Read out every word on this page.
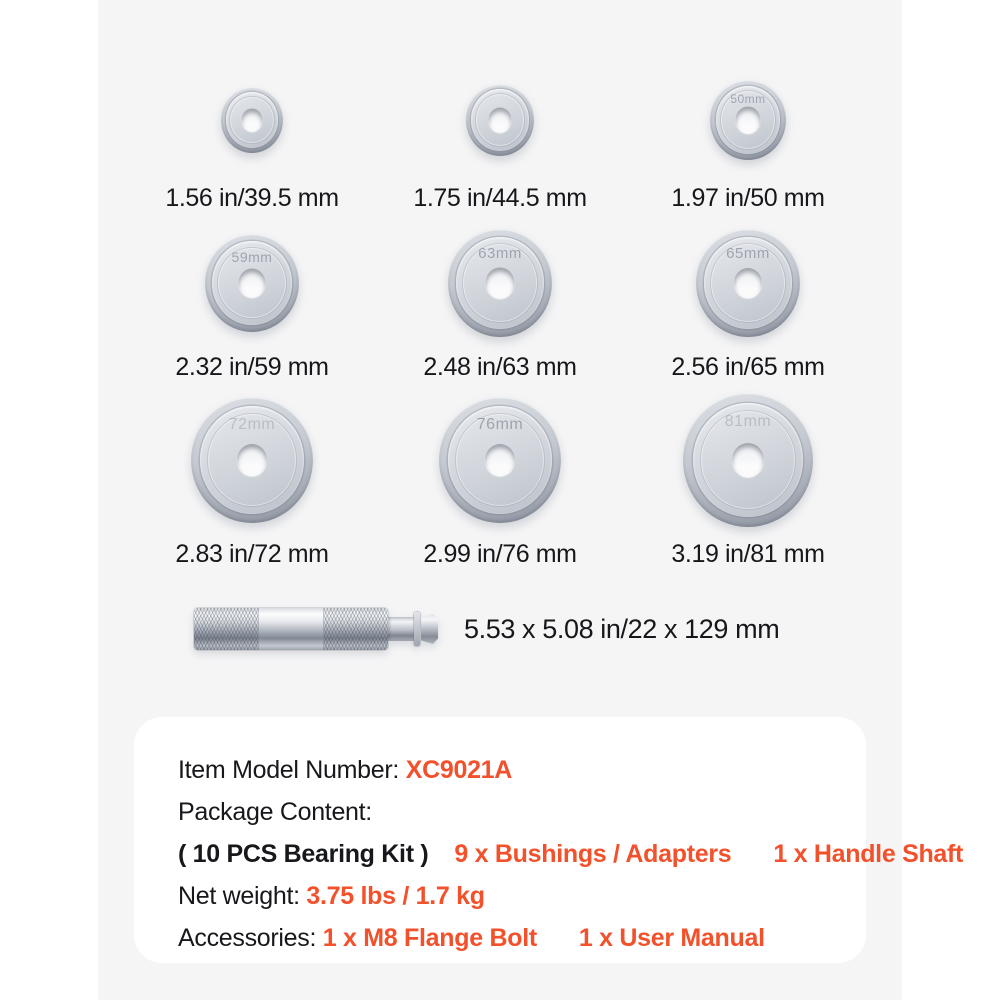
1.56 in/39.5 mm	1.75 in/44.5 mm
50mm
1.97 in/50 mm
59mm
2.32 in/59 mm
63mm
2.48 in/63 mm
65mm
2.56 in/65 mm
72mm
2.83 in/72 mm
76mm
2.99 in/76 mm
81mm
3.19 in/81 mm
5.53 x 5.08 in/22 x 129 mm

Item Model Number: XC9021A

Package Content:

( 10 PCS Bearing Kit ) 9 x Bushings / Adapters 1 x Handle Shaft

Net weight: 3.75 lbs / 1.7 kg

Accessories: 1 x M8 Flange Bolt 1 x User Manual
